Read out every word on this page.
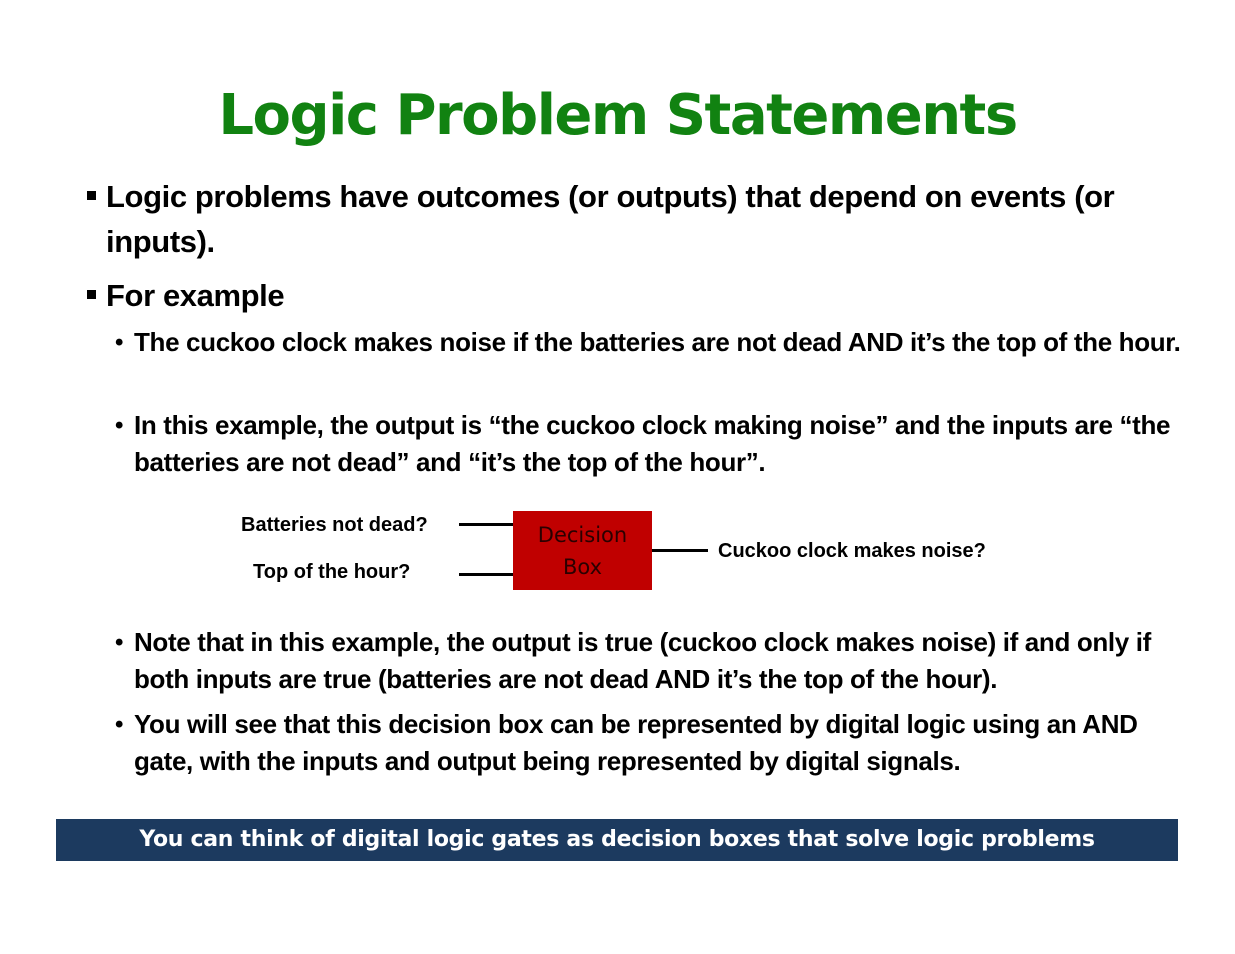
Logic Problem Statements
Logic problems have outcomes (or outputs) that depend on events (or inputs).
For example
• The cuckoo clock makes noise if the batteries are not dead AND it’s the top of the hour.
• In this example, the output is “the cuckoo clock making noise” and the inputs are “the batteries are not dead” and “it’s the top of the hour”.
Batteries not dead?
Top of the hour?
Decision
Box
Cuckoo clock makes noise?
• Note that in this example, the output is true (cuckoo clock makes noise) if and only if both inputs are true (batteries are not dead AND it’s the top of the hour).
• You will see that this decision box can be represented by digital logic using an AND gate, with the inputs and output being represented by digital signals.
You can think of digital logic gates as decision boxes that solve logic problems
